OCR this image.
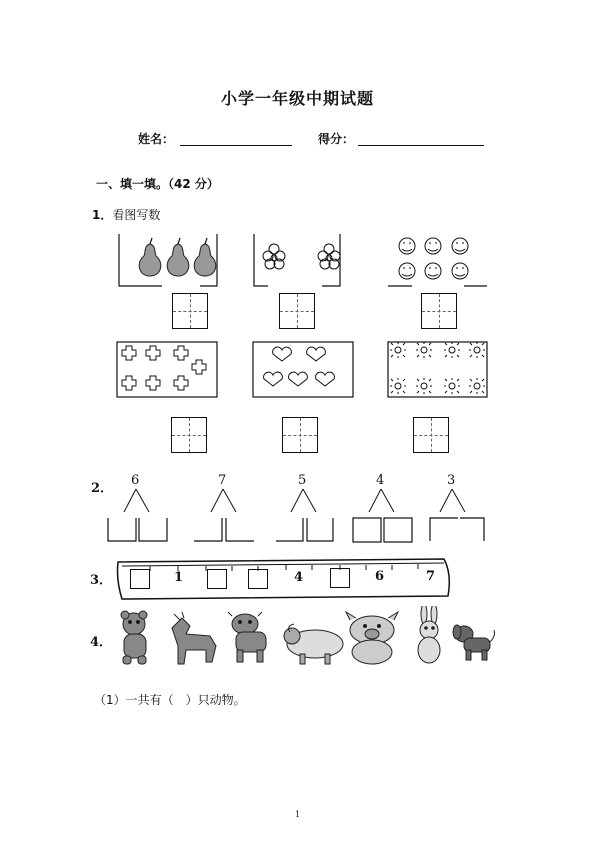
小学一年级中期试题
姓名：	得分：
一、填一填。（42 分）
1．看图写数
2．
6	7	5	4	3
3．	1	4	6	7
4．
（1）一共有（　）只动物。
1
